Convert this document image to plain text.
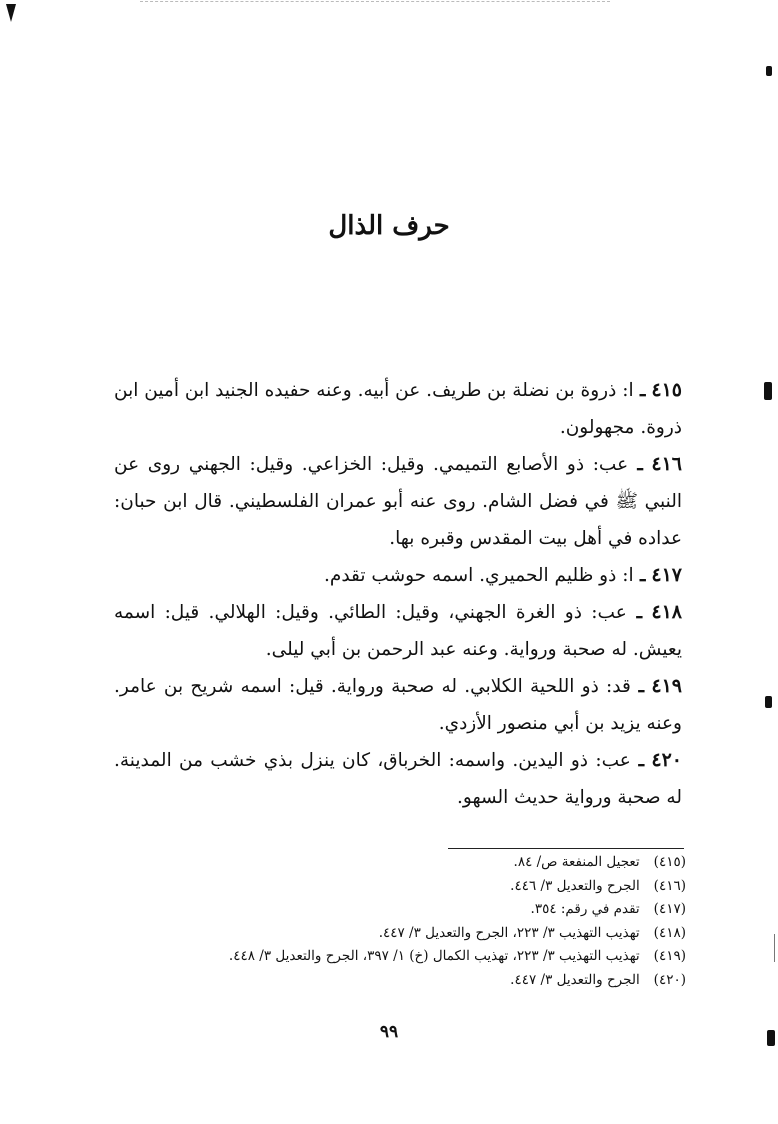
حرف الذال

٤١٥ ـ ا: ذروة بن نضلة بن طريف. عن أبيه. وعنه حفيده الجنيد ابن أمين ابن ذروة. مجهولون.

٤١٦ ـ عب: ذو الأصابع التميمي. وقيل: الخزاعي. وقيل: الجهني روى عن النبي ﷺ في فضل الشام. روى عنه أبو عمران الفلسطيني. قال ابن حبان: عداده في أهل بيت المقدس وقبره بها.

٤١٧ ـ ا: ذو ظليم الحميري. اسمه حوشب تقدم.

٤١٨ ـ عب: ذو الغرة الجهني، وقيل: الطائي. وقيل: الهلالي. قيل: اسمه يعيش. له صحبة ورواية. وعنه عبد الرحمن بن أبي ليلى.

٤١٩ ـ قد: ذو اللحية الكلابي. له صحبة ورواية. قيل: اسمه شريح بن عامر. وعنه يزيد بن أبي منصور الأزدي.

٤٢٠ ـ عب: ذو اليدين. واسمه: الخرباق، كان ينزل بذي خشب من المدينة. له صحبة ورواية حديث السهو.

(٤١٥) تعجيل المنفعة ص/ ٨٤.

(٤١٦) الجرح والتعديل ٣/ ٤٤٦.

(٤١٧) تقدم في رقم: ٣٥٤.

(٤١٨) تهذيب التهذيب ٣/ ٢٢٣، الجرح والتعديل ٣/ ٤٤٧.

(٤١٩) تهذيب التهذيب ٣/ ٢٢٣، تهذيب الكمال (خ) ١/ ٣٩٧، الجرح والتعديل ٣/ ٤٤٨.

(٤٢٠) الجرح والتعديل ٣/ ٤٤٧.

٩٩
